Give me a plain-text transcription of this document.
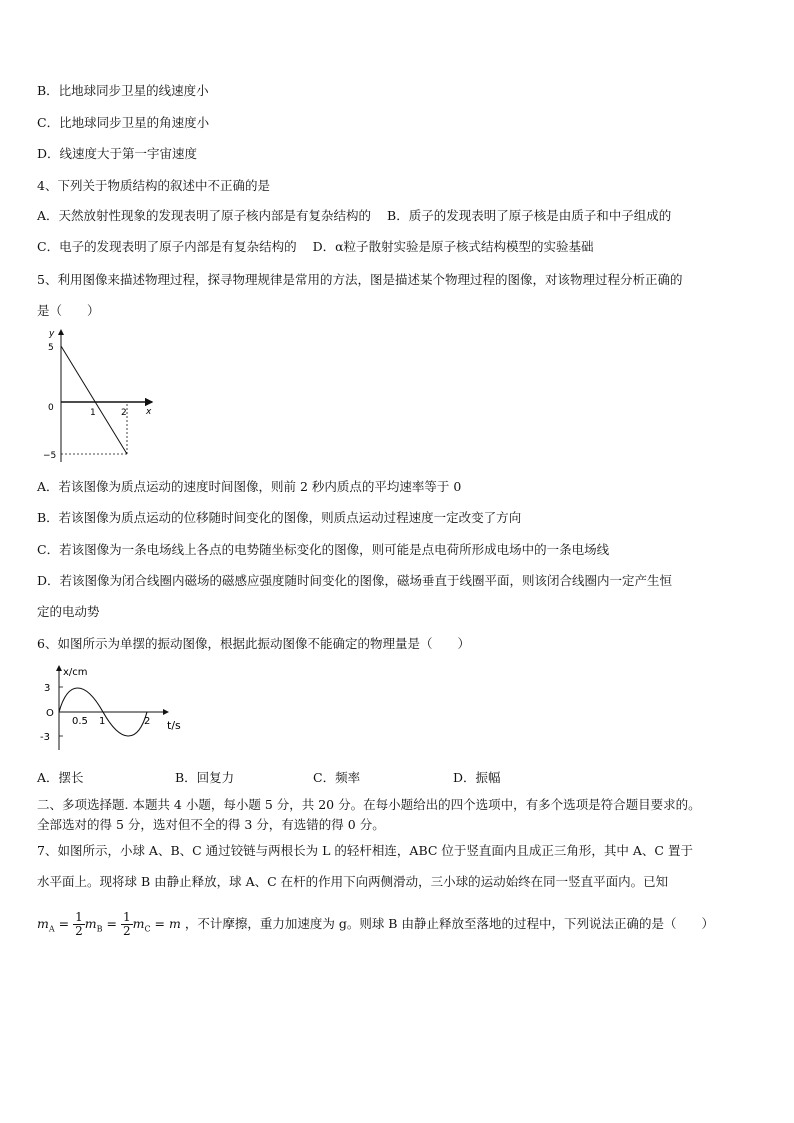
B．比地球同步卫星的线速度小
C．比地球同步卫星的角速度小
D．线速度大于第一宇宙速度
4、下列关于物质结构的叙述中不正确的是
A．天然放射性现象的发现表明了原子核内部是有复杂结构的 B．质子的发现表明了原子核是由质子和中子组成的
C．电子的发现表明了原子内部是有复杂结构的 D．α粒子散射实验是原子核式结构模型的实验基础
5、利用图像来描述物理过程，探寻物理规律是常用的方法，图是描述某个物理过程的图像，对该物理过程分析正确的
是（　　）
y
x
0
5
−5
1	2
A．若该图像为质点运动的速度时间图像，则前 2 秒内质点的平均速率等于 0
B．若该图像为质点运动的位移随时间变化的图像，则质点运动过程速度一定改变了方向
C．若该图像为一条电场线上各点的电势随坐标变化的图像，则可能是点电荷所形成电场中的一条电场线
D．若该图像为闭合线圈内磁场的磁感应强度随时间变化的图像，磁场垂直于线圈平面，则该闭合线圈内一定产生恒
定的电动势
6、如图所示为单摆的振动图像，根据此振动图像不能确定的物理量是（　　）
x/cm
3
O
-3
0.5 1	2 t/s
A．摆长	B．回复力	C．频率	D．振幅
二、多项选择题. 本题共 4 小题，每小题 5 分，共 20 分。在每小题给出的四个选项中，有多个选项是符合题目要求的。
全部选对的得 5 分，选对但不全的得 3 分，有选错的得 0 分。
7、如图所示，小球 A、B、C 通过铰链与两根长为 L 的轻杆相连，ABC 位于竖直面内且成正三角形，其中 A、C 置于
水平面上。现将球 B 由静止释放，球 A、C 在杆的作用下向两侧滑动，三小球的运动始终在同一竖直平面内。已知
$m_A = \frac{1}{2} m_B = \frac{1}{2} m_C = m$ ，不计摩擦，重力加速度为 g。则球 B 由静止释放至落地的过程中，下列说法正确的是（　　）
